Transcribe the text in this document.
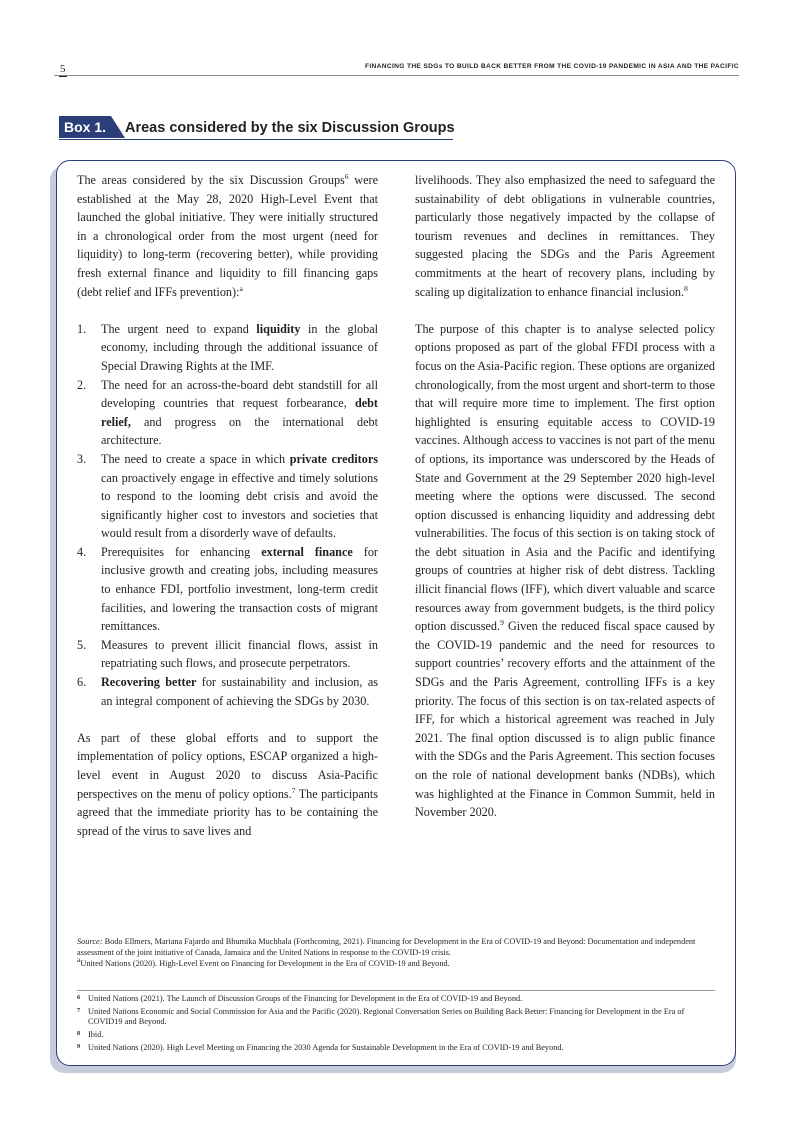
5	FINANCING THE SDGs TO BUILD BACK BETTER FROM THE COVID-19 PANDEMIC IN ASIA AND THE PACIFIC
Box 1.	Areas considered by the six Discussion Groups

The areas considered by the six Discussion Groups$^6$ were established at the May 28, 2020 High-Level Event that launched the global initiative. They were initially structured in a chronological order from the most urgent (need for liquidity) to long-term (recovering better), while providing fresh external finance and liquidity to fill financing gaps (debt relief and IFFs prevention):$^a$

1. The urgent need to expand liquidity in the global economy, including through the additional issuance of Special Drawing Rights at the IMF.
2. The need for an across-the-board debt standstill for all developing countries that request forbearance, debt relief, and progress on the international debt architecture.
3. The need to create a space in which private creditors can proactively engage in effective and timely solutions to respond to the looming debt crisis and avoid the significantly higher cost to investors and societies that would result from a disorderly wave of defaults.
4. Prerequisites for enhancing external finance for inclusive growth and creating jobs, including measures to enhance FDI, portfolio investment, long-term credit facilities, and lowering the transaction costs of migrant remittances.
5. Measures to prevent illicit financial flows, assist in repatriating such flows, and prosecute perpetrators.
6. Recovering better for sustainability and inclusion, as an integral component of achieving the SDGs by 2030.

As part of these global efforts and to support the implementation of policy options, ESCAP organized a high-level event in August 2020 to discuss Asia-Pacific perspectives on the menu of policy options.$^7$ The participants agreed that the immediate priority has to be containing the spread of the virus to save lives and

livelihoods. They also emphasized the need to safeguard the sustainability of debt obligations in vulnerable countries, particularly those negatively impacted by the collapse of tourism revenues and declines in remittances. They suggested placing the SDGs and the Paris Agreement commitments at the heart of recovery plans, including by scaling up digitalization to enhance financial inclusion.$^8$

The purpose of this chapter is to analyse selected policy options proposed as part of the global FFDI process with a focus on the Asia-Pacific region. These options are organized chronologically, from the most urgent and short-term to those that will require more time to implement. The first option highlighted is ensuring equitable access to COVID-19 vaccines. Although access to vaccines is not part of the menu of options, its importance was underscored by the Heads of State and Government at the 29 September 2020 high-level meeting where the options were discussed. The second option discussed is enhancing liquidity and addressing debt vulnerabilities. The focus of this section is on taking stock of the debt situation in Asia and the Pacific and identifying groups of countries at higher risk of debt distress. Tackling illicit financial flows (IFF), which divert valuable and scarce resources away from government budgets, is the third policy option discussed.$^9$ Given the reduced fiscal space caused by the COVID-19 pandemic and the need for resources to support countries’ recovery efforts and the attainment of the SDGs and the Paris Agreement, controlling IFFs is a key priority. The focus of this section is on tax-related aspects of IFF, for which a historical agreement was reached in July 2021. The final option discussed is to align public finance with the SDGs and the Paris Agreement. This section focuses on the role of national development banks (NDBs), which was highlighted at the Finance in Common Summit, held in November 2020.

Source: Bodo Ellmers, Mariana Fajardo and Bhumika Muchhala (Forthcoming, 2021). Financing for Development in the Era of COVID-19 and Beyond: Documentation and independent assessment of the joint initiative of Canada, Jamaica and the United Nations in response to the COVID-19 crisis.
$^a$United Nations (2020). High-Level Event on Financing for Development in the Era of COVID-19 and Beyond.
6 United Nations (2021). The Launch of Discussion Groups of the Financing for Development in the Era of COVID-19 and Beyond.
7 United Nations Economic and Social Commission for Asia and the Pacific (2020). Regional Conversation Series on Building Back Better: Financing for Development in the Era of COVID19 and Beyond.
8 Ibid.
9 United Nations (2020). High Level Meeting on Financing the 2030 Agenda for Sustainable Development in the Era of COVID-19 and Beyond.
